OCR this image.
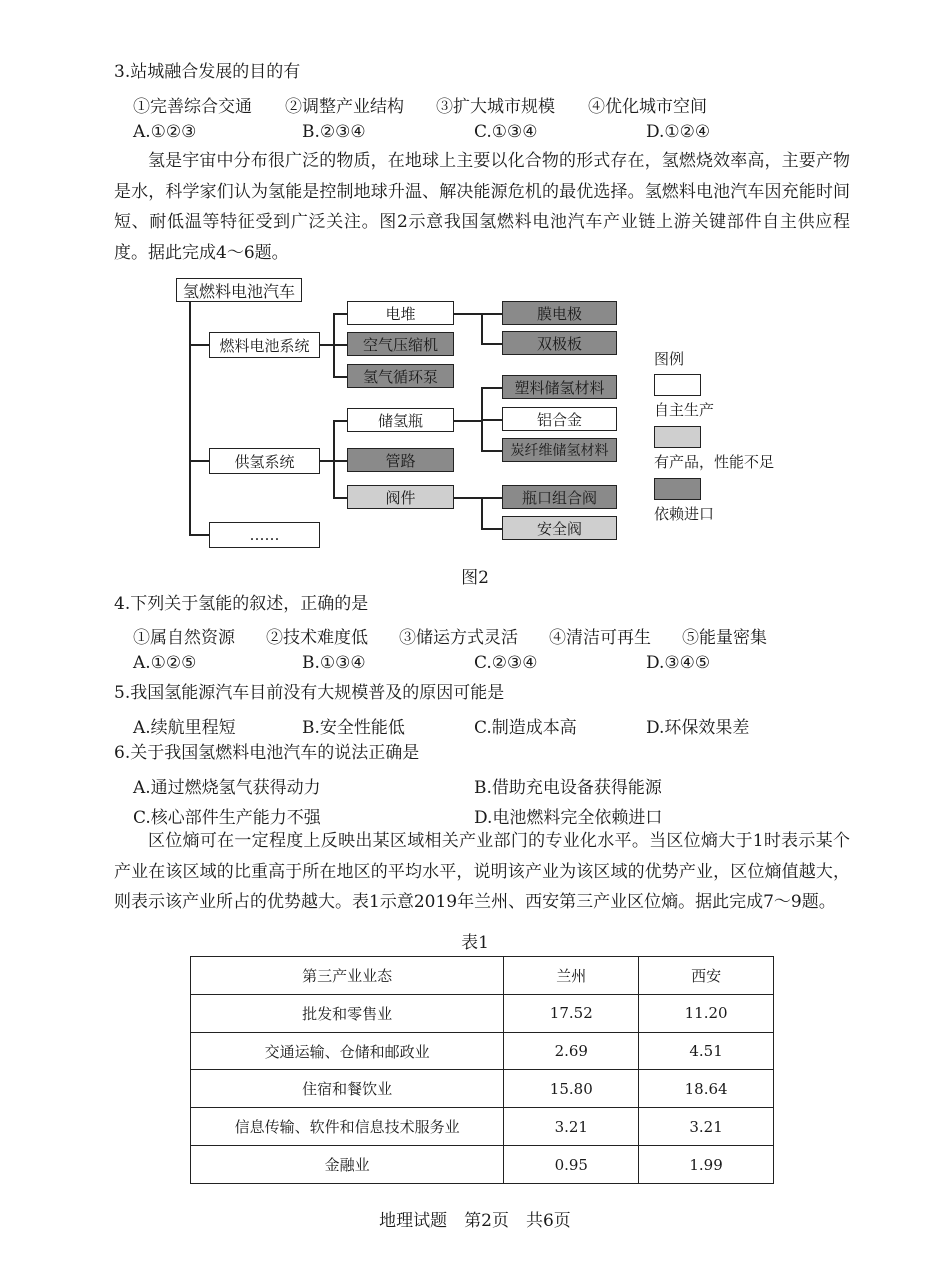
3.站城融合发展的目的有
①完善综合交通 ②调整产业结构 ③扩大城市规模 ④优化城市空间
A.①②③	B.②③④	C.①③④	D.①②④
氢是宇宙中分布很广泛的物质，在地球上主要以化合物的形式存在，氢燃烧效率高，主要产物是水，科学家们认为氢能是控制地球升温、解决能源危机的最优选择。氢燃料电池汽车因充能时间短、耐低温等特征受到广泛关注。图2示意我国氢燃料电池汽车产业链上游关键部件自主供应程度。据此完成4～6题。
氢燃料电池汽车
燃料电池系统
供氢系统
……
电堆
空气压缩机
氢气循环泵
膜电极
双极板
储氢瓶
管路
阀件
塑料储氢材料
铝合金
炭纤维储氢材料
瓶口组合阀
安全阀
图例
自主生产
有产品，性能不足
依赖进口
图2
4.下列关于氢能的叙述，正确的是
①属自然资源 ②技术难度低 ③储运方式灵活 ④清洁可再生 ⑤能量密集
A.①②⑤	B.①③④	C.②③④	D.③④⑤
5.我国氢能源汽车目前没有大规模普及的原因可能是
A.续航里程短	B.安全性能低	C.制造成本高	D.环保效果差
6.关于我国氢燃料电池汽车的说法正确是
A.通过燃烧氢气获得动力	B.借助充电设备获得能源
C.核心部件生产能力不强	D.电池燃料完全依赖进口
区位熵可在一定程度上反映出某区域相关产业部门的专业化水平。当区位熵大于1时表示某个产业在该区域的比重高于所在地区的平均水平，说明该产业为该区域的优势产业，区位熵值越大，则表示该产业所占的优势越大。表1示意2019年兰州、西安第三产业区位熵。据此完成7～9题。
表1
第三产业业态	兰州	西安
批发和零售业	17.52	11.20
交通运输、仓储和邮政业	2.69	4.51
住宿和餐饮业	15.80	18.64
信息传输、软件和信息技术服务业	3.21	3.21
金融业	0.95	1.99
地理试题　第2页　共6页
